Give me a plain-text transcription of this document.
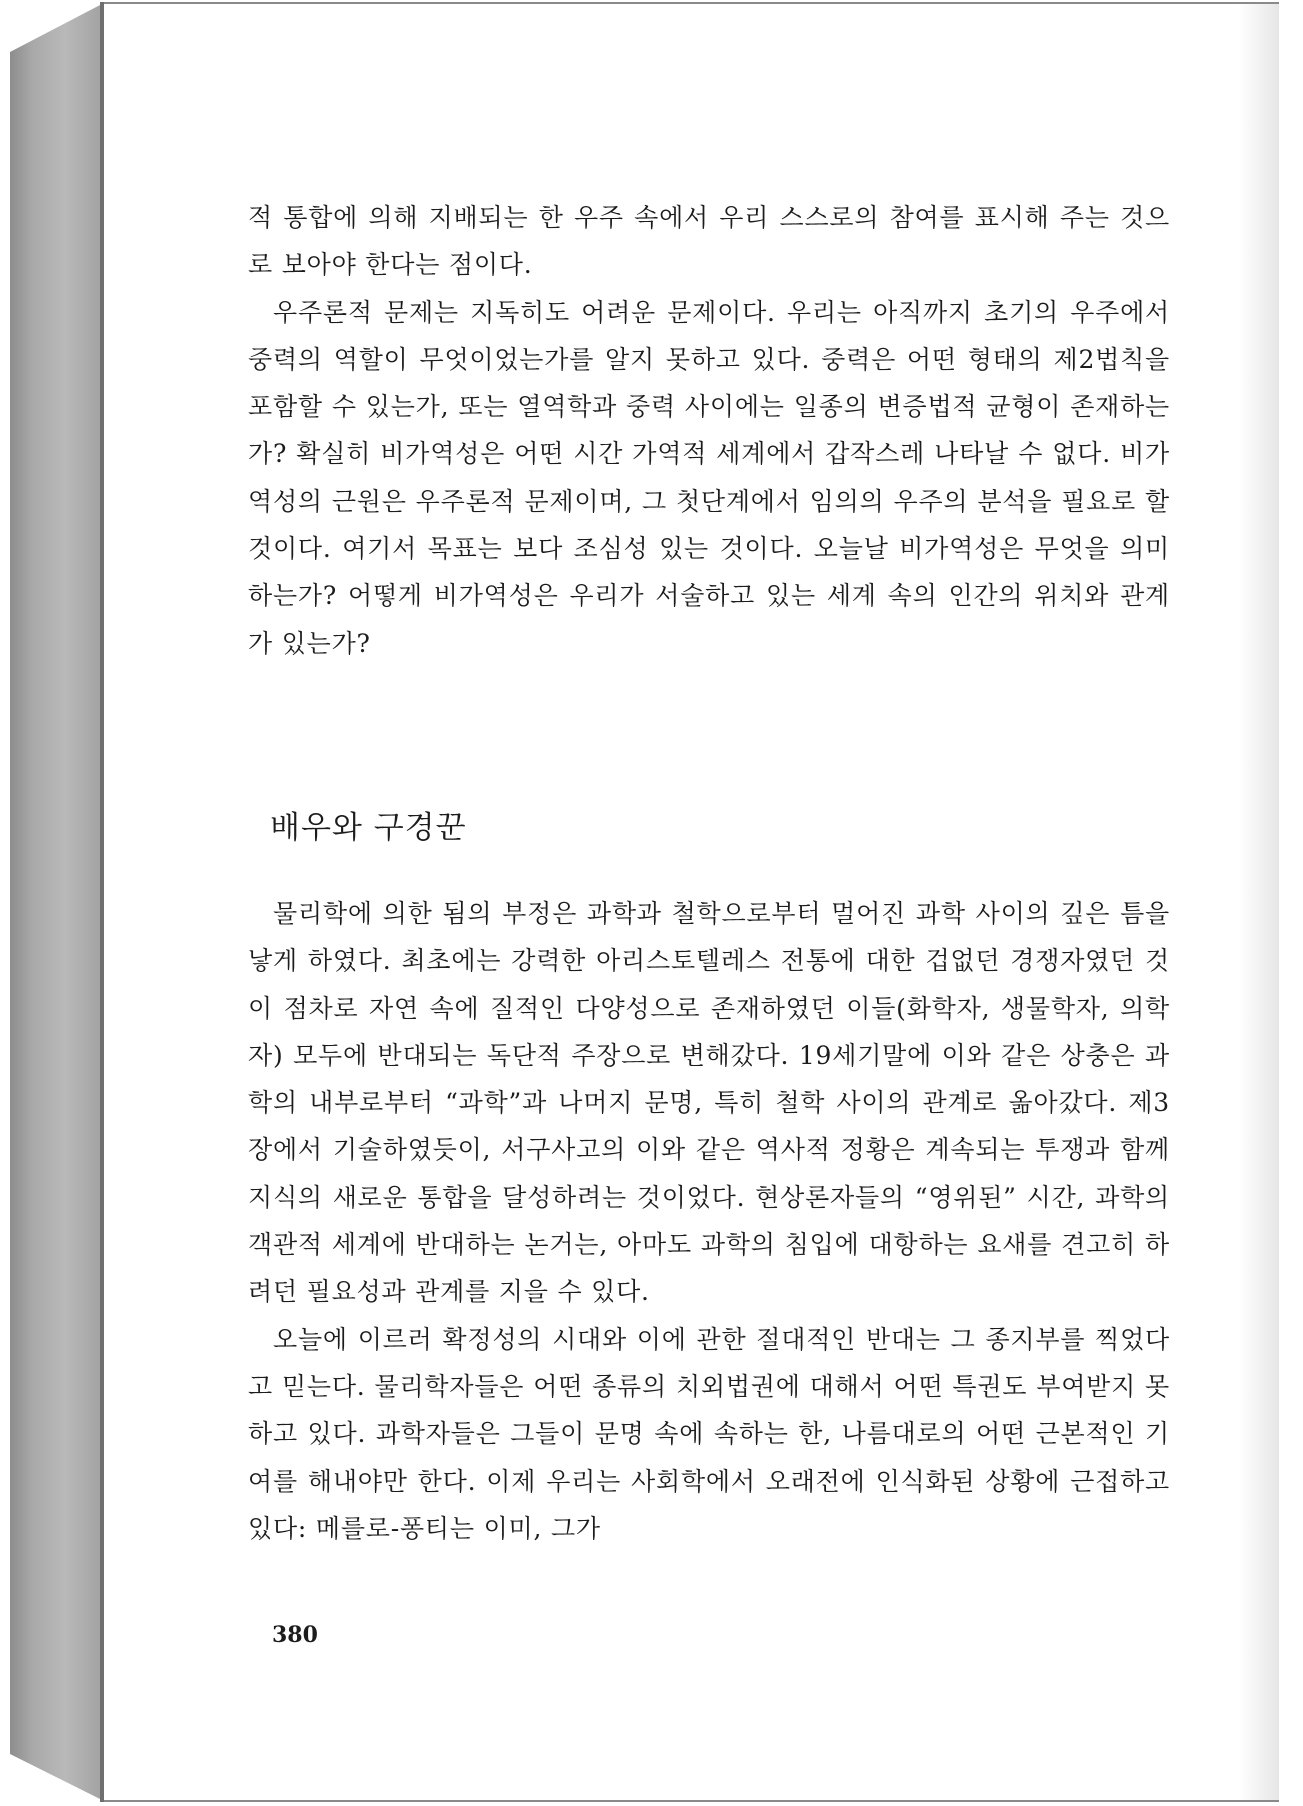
적 통합에 의해 지배되는 한 우주 속에서 우리 스스로의 참여를 표시해 주는 것으로 보아야 한다는 점이다.

우주론적 문제는 지독히도 어려운 문제이다. 우리는 아직까지 초기의 우주에서 중력의 역할이 무엇이었는가를 알지 못하고 있다. 중력은 어떤 형태의 제2법칙을 포함할 수 있는가, 또는 열역학과 중력 사이에는 일종의 변증법적 균형이 존재하는가? 확실히 비가역성은 어떤 시간 가역적 세계에서 갑작스레 나타날 수 없다. 비가역성의 근원은 우주론적 문제이며, 그 첫단계에서 임의의 우주의 분석을 필요로 할 것이다. 여기서 목표는 보다 조심성 있는 것이다. 오늘날 비가역성은 무엇을 의미하는가? 어떻게 비가역성은 우리가 서술하고 있는 세계 속의 인간의 위치와 관계가 있는가?

배우와 구경꾼

물리학에 의한 됨의 부정은 과학과 철학으로부터 멀어진 과학 사이의 깊은 틈을 낳게 하였다. 최초에는 강력한 아리스토텔레스 전통에 대한 겁없던 경쟁자였던 것이 점차로 자연 속에 질적인 다양성으로 존재하였던 이들(화학자, 생물학자, 의학자) 모두에 반대되는 독단적 주장으로 변해갔다. 19세기말에 이와 같은 상충은 과학의 내부로부터 “과학”과 나머지 문명, 특히 철학 사이의 관계로 옮아갔다. 제3장에서 기술하였듯이, 서구사고의 이와 같은 역사적 정황은 계속되는 투쟁과 함께 지식의 새로운 통합을 달성하려는 것이었다. 현상론자들의 “영위된” 시간, 과학의 객관적 세계에 반대하는 논거는, 아마도 과학의 침입에 대항하는 요새를 견고히 하려던 필요성과 관계를 지을 수 있다.

오늘에 이르러 확정성의 시대와 이에 관한 절대적인 반대는 그 종지부를 찍었다고 믿는다. 물리학자들은 어떤 종류의 치외법권에 대해서 어떤 특권도 부여받지 못하고 있다. 과학자들은 그들이 문명 속에 속하는 한, 나름대로의 어떤 근본적인 기여를 해내야만 한다. 이제 우리는 사회학에서 오래전에 인식화된 상황에 근접하고 있다: 메를로-퐁티는 이미, 그가

380
